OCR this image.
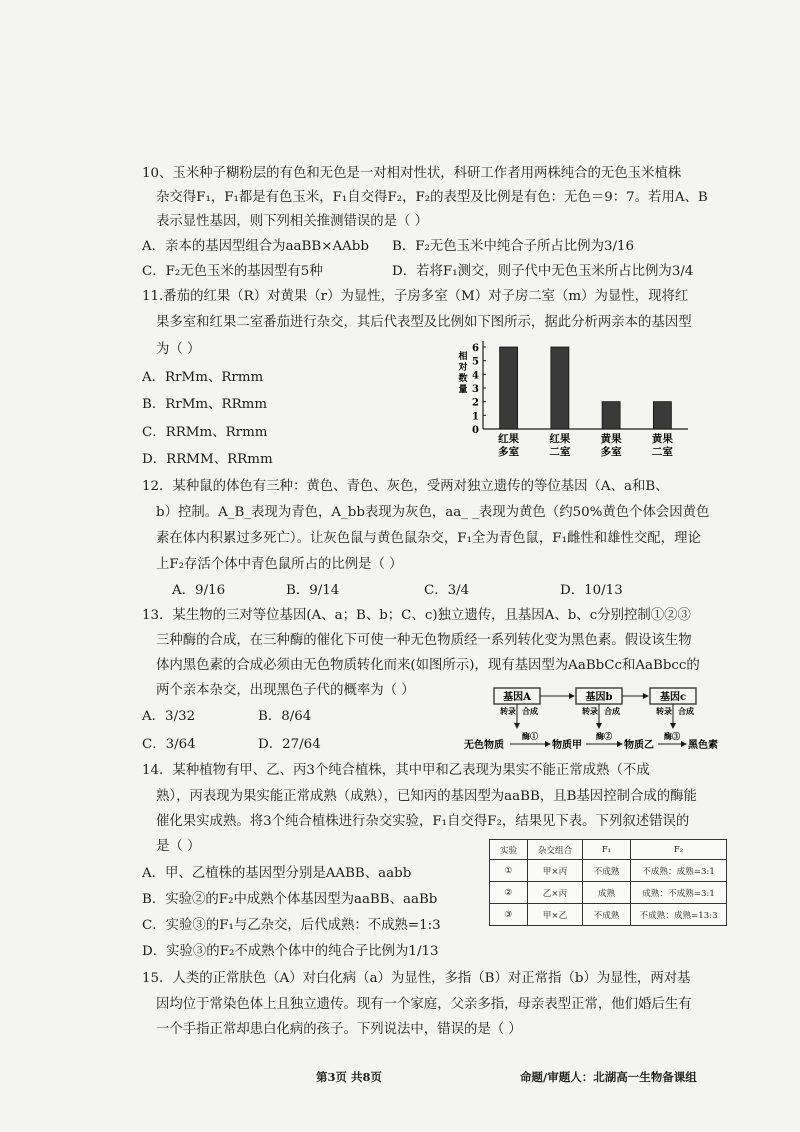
10、玉米种子糊粉层的有色和无色是一对相对性状，科研工作者用两株纯合的无色玉米植株
杂交得F₁，F₁都是有色玉米，F₁自交得F₂，F₂的表型及比例是有色：无色＝9：7。若用A、B
表示显性基因，则下列相关推测错误的是（ ）
A．亲本的基因型组合为aaBB×AAbb B．F₂无色玉米中纯合子所占比例为3/16
C．F₂无色玉米的基因型有5种	D．若将F₁测交，则子代中无色玉米所占比例为3/4
11.番茄的红果（R）对黄果（r）为显性，子房多室（M）对子房二室（m）为显性，现将红
果多室和红果二室番茄进行杂交，其后代表型及比例如下图所示，据此分析两亲本的基因型
为（ ）
A．RrMm、Rrmm
B．RrMm、RRmm
C．RRMm、Rrmm
D．RRMM、RRmm
0
1
2
3
4
5
6
相
对
数
量
红果
多室
红果
二室
黄果
多室
黄果
二室
12．某种鼠的体色有三种：黄色、青色、灰色，受两对独立遗传的等位基因（A、a和B、
b）控制。A_B_表现为青色，A_bb表现为灰色，aa_ _表现为黄色（约50%黄色个体会因黄色
素在体内积累过多死亡）。让灰色鼠与黄色鼠杂交，F₁全为青色鼠，F₁雌性和雄性交配，理论
上F₂存活个体中青色鼠所占的比例是（ ）
A．9/16	B．9/14	C．3/4	D．10/13
13．某生物的三对等位基因(A、a；B、b；C、c)独立遗传，且基因A、b、c分别控制①②③
三种酶的合成，在三种酶的催化下可使一种无色物质经一系列转化变为黑色素。假设该生物
体内黑色素的合成必须由无色物质转化而来(如图所示)，现有基因型为AaBbCc和AaBbcc的
两个亲本杂交，出现黑色子代的概率为（ ）
A．3/32	B．8/64
C．3/64	D．27/64
基因A	基因b	基因c
转录 合成	转录 合成	转录 合成
无色物质
酶①
物质甲
酶②
物质乙
酶③
黑色素
14．某种植物有甲、乙、丙3个纯合植株，其中甲和乙表现为果实不能正常成熟（不成
熟），丙表现为果实能正常成熟（成熟），已知丙的基因型为aaBB，且B基因控制合成的酶能
催化果实成熟。将3个纯合植株进行杂交实验，F₁自交得F₂，结果见下表。下列叙述错误的
是（ ）
A．甲、乙植株的基因型分别是AABB、aabb
B．实验②的F₂中成熟个体基因型为aaBB、aaBb
C．实验③的F₁与乙杂交，后代成熟：不成熟=1:3
D．实验③的F₂不成熟个体中的纯合子比例为1/13
实验	杂交组合	F₁	F₂
①	甲×丙	不成熟	不成熟：成熟=3:1
②	乙×丙	成熟	成熟：不成熟=3:1
③	甲×乙	不成熟	不成熟：成熟=13:3
15．人类的正常肤色（A）对白化病（a）为显性，多指（B）对正常指（b）为显性，两对基
因均位于常染色体上且独立遗传。现有一个家庭，父亲多指，母亲表型正常，他们婚后生有
一个手指正常却患白化病的孩子。下列说法中，错误的是（ ）
第3页 共8页	命题/审题人：北湖高一生物备课组
